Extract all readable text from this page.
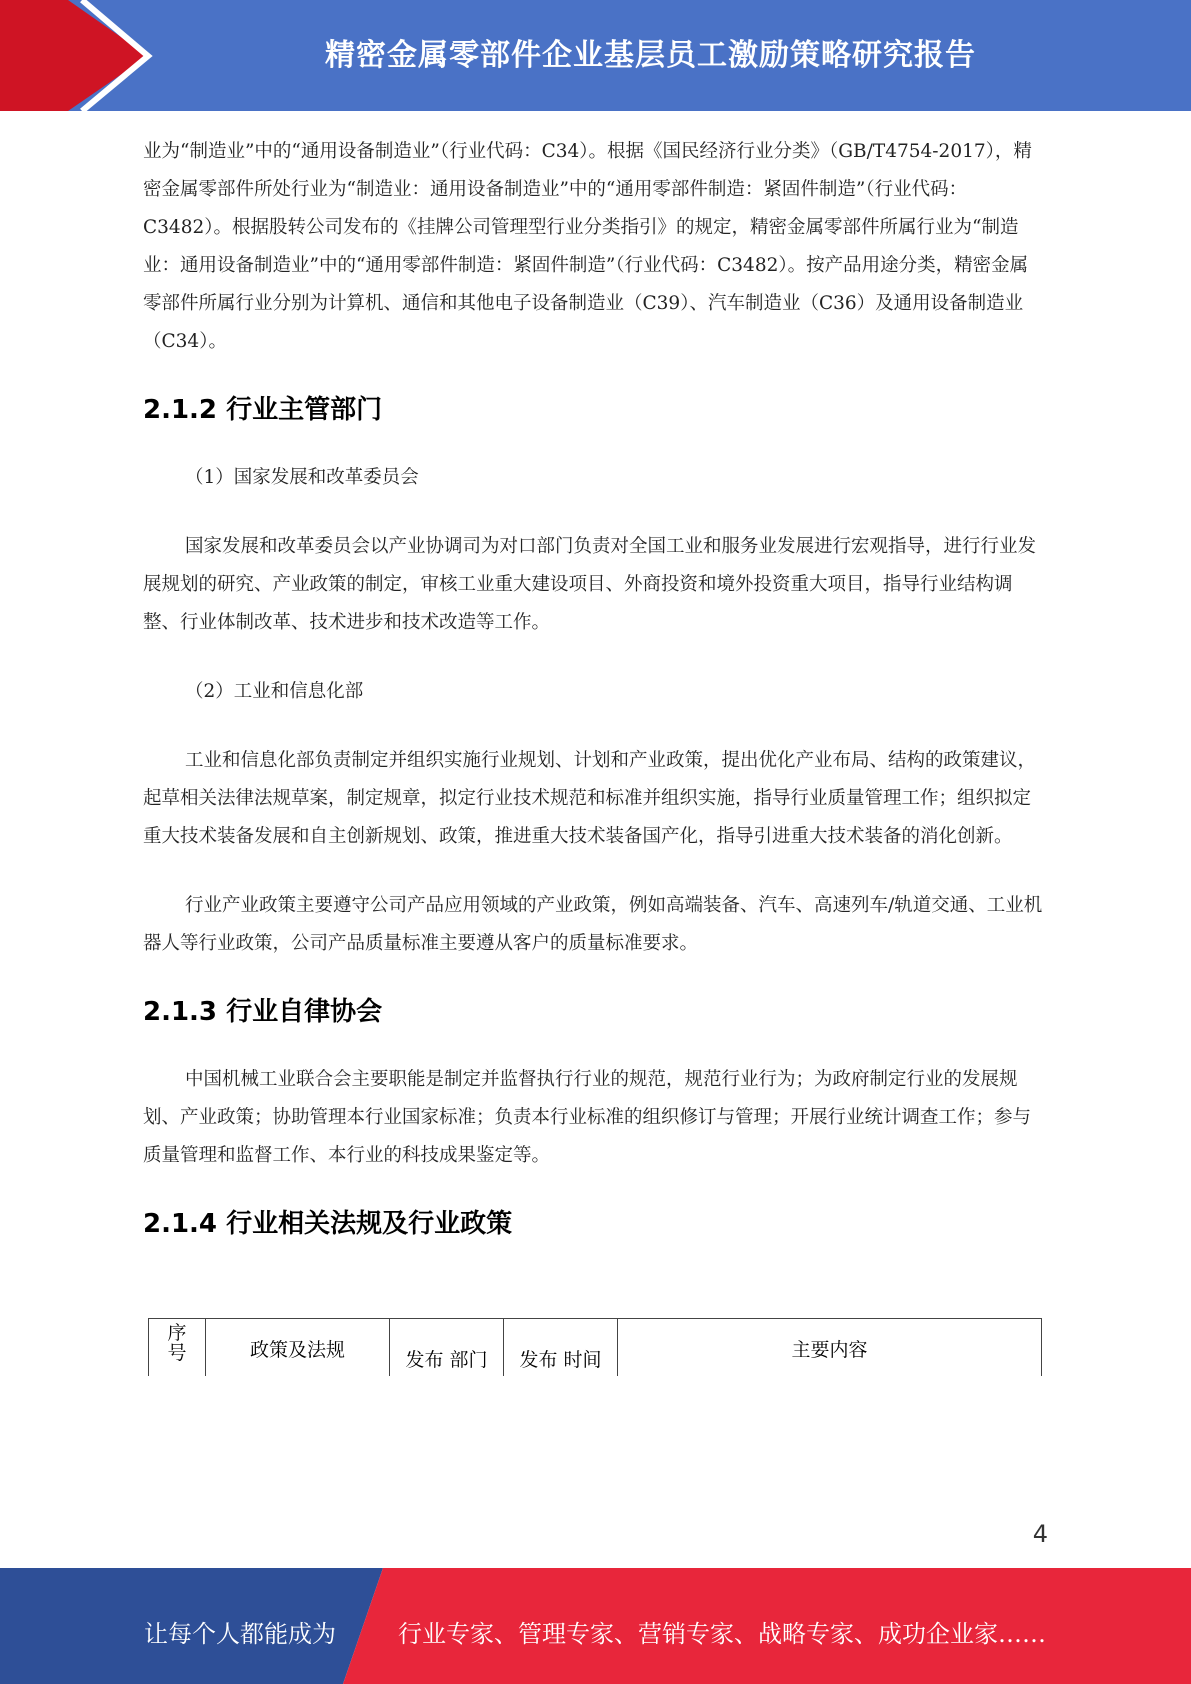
精密金属零部件企业基层员工激励策略研究报告

业为“制造业”中的“通用设备制造业”（行业代码：C34）。根据《国民经济行业分类》（GB/T4754-2017），精密金属零部件所处行业为“制造业：通用设备制造业”中的“通用零部件制造：紧固件制造”（行业代码：C3482）。根据股转公司发布的《挂牌公司管理型行业分类指引》的规定，精密金属零部件所属行业为“制造业：通用设备制造业”中的“通用零部件制造：紧固件制造”（行业代码：C3482）。按产品用途分类，精密金属零部件所属行业分别为计算机、通信和其他电子设备制造业（C39）、汽车制造业（C36）及通用设备制造业（C34）。

2.1.2 行业主管部门

（1）国家发展和改革委员会

国家发展和改革委员会以产业协调司为对口部门负责对全国工业和服务业发展进行宏观指导，进行行业发展规划的研究、产业政策的制定，审核工业重大建设项目、外商投资和境外投资重大项目，指导行业结构调整、行业体制改革、技术进步和技术改造等工作。

（2）工业和信息化部

工业和信息化部负责制定并组织实施行业规划、计划和产业政策，提出优化产业布局、结构的政策建议，起草相关法律法规草案，制定规章，拟定行业技术规范和标准并组织实施，指导行业质量管理工作；组织拟定重大技术装备发展和自主创新规划、政策，推进重大技术装备国产化，指导引进重大技术装备的消化创新。

行业产业政策主要遵守公司产品应用领域的产业政策，例如高端装备、汽车、高速列车/轨道交通、工业机器人等行业政策，公司产品质量标准主要遵从客户的质量标准要求。

2.1.3 行业自律协会

中国机械工业联合会主要职能是制定并监督执行行业的规范，规范行业行为；为政府制定行业的发展规划、产业政策；协助管理本行业国家标准；负责本行业标准的组织修订与管理；开展行业统计调查工作；参与质量管理和监督工作、本行业的科技成果鉴定等。

2.1.4 行业相关法规及行业政策
序
号	政策及法规	发布 部门	发布 时间	主要内容
4
让每个人都能成为	行业专家、管理专家、营销专家、战略专家、成功企业家……
